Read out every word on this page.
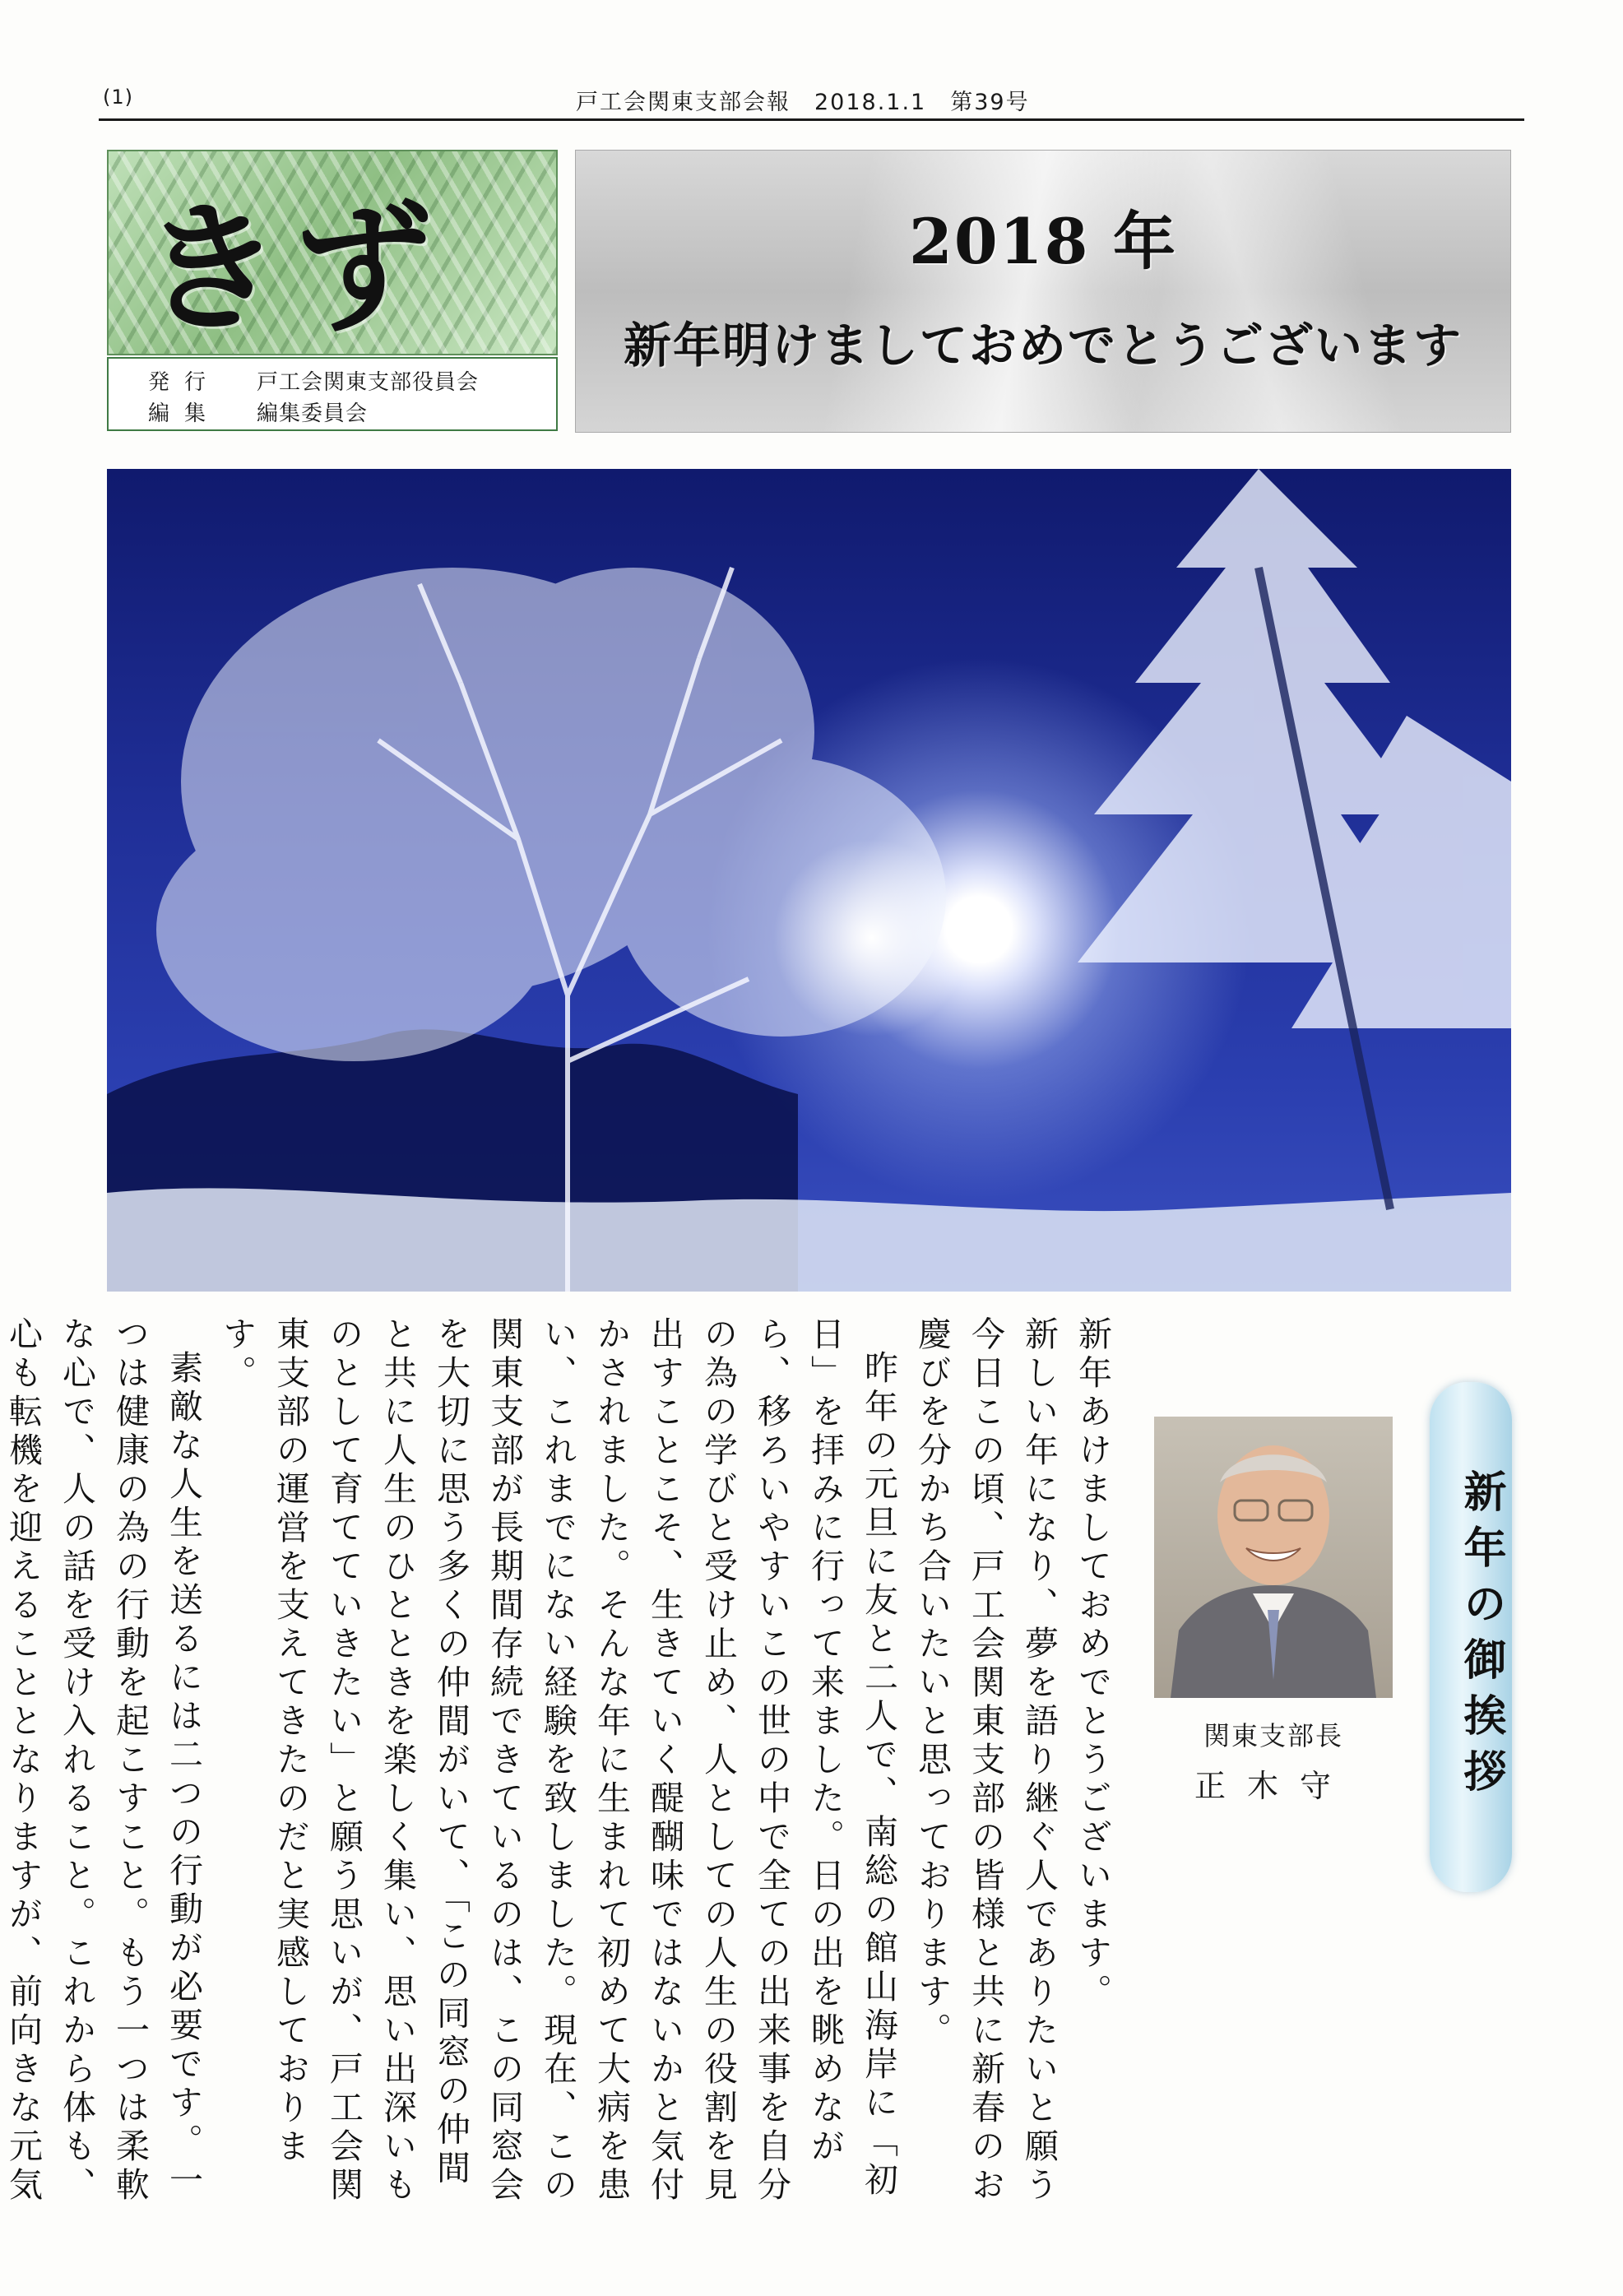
(1)	戸工会関東支部会報　2018.1.1　第39号
きず
発行 戸工会関東支部役員会
編集 編集委員会
2018 年
新年明けましておめでとうございます

新年あけましておめでとうございます。

新しい年になり、夢を語り継ぐ人でありたいと願う今日この頃、戸工会関東支部の皆様と共に新春のお慶びを分かち合いたいと思っております。

昨年の元旦に友と二人で、南総の館山海岸に「初日」を拝みに行って来ました。日の出を眺めながら、移ろいやすいこの世の中で全ての出来事を自分の為の学びと受け止め、人としての人生の役割を見出すことこそ、生きていく醍醐味ではないかと気付かされました。そんな年に生まれて初めて大病を患い、これまでにない経験を致しました。現在、この関東支部が長期間存続できているのは、この同窓会を大切に思う多くの仲間がいて、「この同窓の仲間と共に人生のひとときを楽しく集い、思い出深いものとして育てていきたい」と願う思いが、戸工会関東支部の運営を支えてきたのだと実感しております。

素敵な人生を送るには二つの行動が必要です。一つは健康の為の行動を起こすこと。もう一つは柔軟な心で、人の話を受け入れること。これから体も、心も転機を迎えることとなりますが、前向きな元気

関東支部長
正木守	新年の御挨拶
